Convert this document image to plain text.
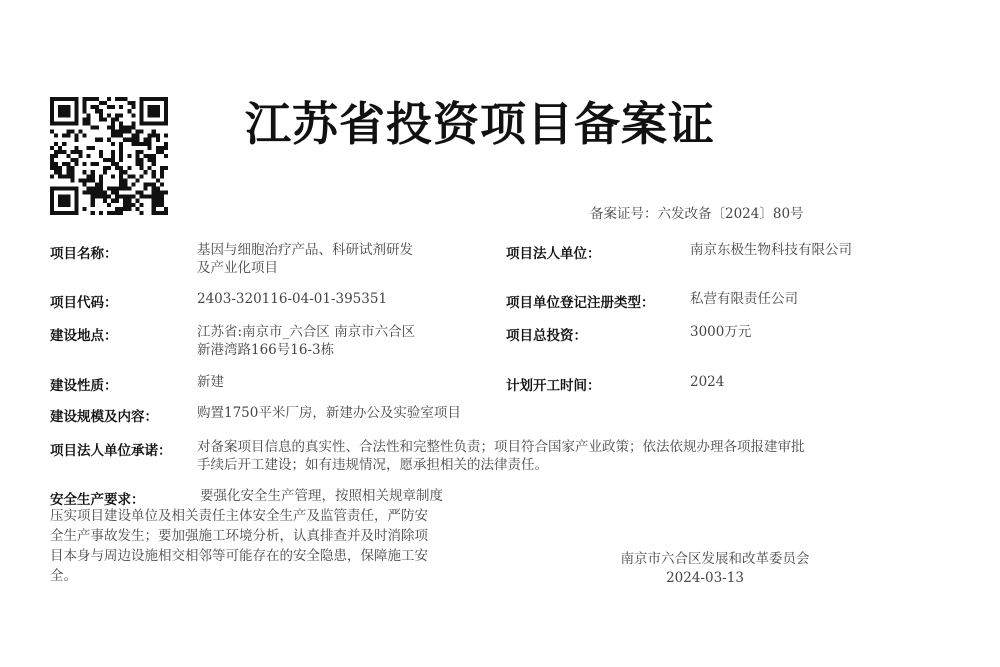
江苏省投资项目备案证
备案证号：六发改备〔2024〕80号
项目名称：	基因与细胞治疗产品、科研试剂研发
及产业化项目
项目法人单位：	南京东极生物科技有限公司
项目代码：	2403-320116-04-01-395351	项目单位登记注册类型：	私营有限责任公司
建设地点：	江苏省:南京市_六合区 南京市六合区
新港湾路166号16-3栋
项目总投资：	3000万元
建设性质：	新建	计划开工时间：	2024
建设规模及内容：	购置1750平米厂房，新建办公及实验室项目
项目法人单位承诺： 对备案项目信息的真实性、合法性和完整性负责；项目符合国家产业政策；依法依规办理各项报建审批
手续后开工建设；如有违规情况，愿承担相关的法律责任。
安全生产要求：	要强化安全生产管理，按照相关规章制度
压实项目建设单位及相关责任主体安全生产及监管责任，严防安
全生产事故发生；要加强施工环境分析，认真排查并及时消除项
目本身与周边设施相交相邻等可能存在的安全隐患，保障施工安
全。
南京市六合区发展和改革委员会
2024-03-13
